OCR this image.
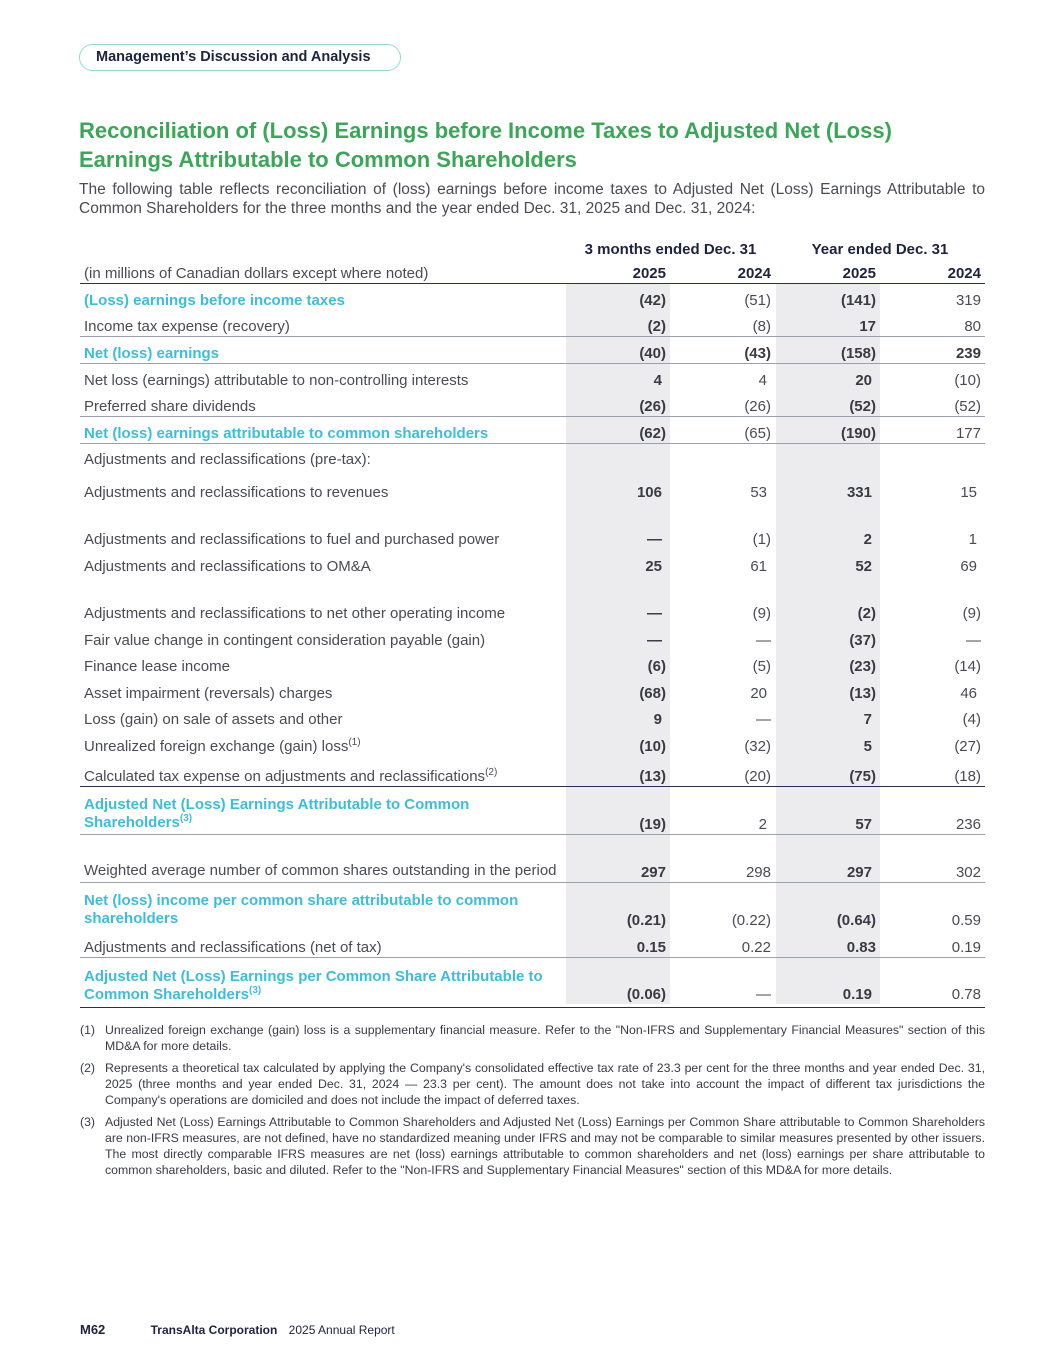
Management’s Discussion and Analysis
Reconciliation of (Loss) Earnings before Income Taxes to Adjusted Net (Loss) Earnings Attributable to Common Shareholders

The following table reflects reconciliation of (loss) earnings before income taxes to Adjusted Net (Loss) Earnings Attributable to Common Shareholders for the three months and the year ended Dec. 31, 2025 and Dec. 31, 2024:

	3 months ended Dec. 31		Year ended Dec. 31	
(in millions of Canadian dollars except where noted)	2025	2024	2025	2024
(Loss) earnings before income taxes	(42)	(51)	(141)	319
Income tax expense (recovery)	(2)	(8)	17	80
Net (loss) earnings	(40)	(43)	(158)	239
Net loss (earnings) attributable to non-controlling interests	4	4	20	(10)
Preferred share dividends	(26)	(26)	(52)	(52)
Net (loss) earnings attributable to common shareholders	(62)	(65)	(190)	177
Adjustments and reclassifications (pre-tax):				
Adjustments and reclassifications to revenues	106	53	331	15
Adjustments and reclassifications to fuel and purchased power	—	(1)	2	1
Adjustments and reclassifications to OM&A	25	61	52	69
Adjustments and reclassifications to net other operating income	—	(9)	(2)	(9)
Fair value change in contingent consideration payable (gain)	—	—	(37)	—
Finance lease income	(6)	(5)	(23)	(14)
Asset impairment (reversals) charges	(68)	20	(13)	46
Loss (gain) on sale of assets and other	9	—	7	(4)
Unrealized foreign exchange (gain) loss$^{(1)}$	(10)	(32)	5	(27)
Calculated tax expense on adjustments and reclassifications$^{(2)}$	(13)	(20)	(75)	(18)
Adjusted Net (Loss) Earnings Attributable to Common Shareholders$^{(3)}$	(19)	2	57	236
Weighted average number of common shares outstanding in the period	297	298	297	302
Net (loss) income per common share attributable to common shareholders	(0.21)	(0.22)	(0.64)	0.59
Adjustments and reclassifications (net of tax)	0.15	0.22	0.83	0.19
Adjusted Net (Loss) Earnings per Common Share Attributable to Common Shareholders$^{(3)}$	(0.06)	—	0.19	0.78
(1) Unrealized foreign exchange (gain) loss is a supplementary financial measure. Refer to the "Non-IFRS and Supplementary Financial Measures" section of this MD&A for more details.
(2) Represents a theoretical tax calculated by applying the Company's consolidated effective tax rate of 23.3 per cent for the three months and year ended Dec. 31, 2025 (three months and year ended Dec. 31, 2024 — 23.3 per cent). The amount does not take into account the impact of different tax jurisdictions the Company's operations are domiciled and does not include the impact of deferred taxes.
(3) Adjusted Net (Loss) Earnings Attributable to Common Shareholders and Adjusted Net (Loss) Earnings per Common Share attributable to Common Shareholders are non-IFRS measures, are not defined, have no standardized meaning under IFRS and may not be comparable to similar measures presented by other issuers. The most directly comparable IFRS measures are net (loss) earnings attributable to common shareholders and net (loss) earnings per share attributable to common shareholders, basic and diluted. Refer to the "Non-IFRS and Supplementary Financial Measures" section of this MD&A for more details.
M62	TransAlta Corporation 2025 Annual Report
